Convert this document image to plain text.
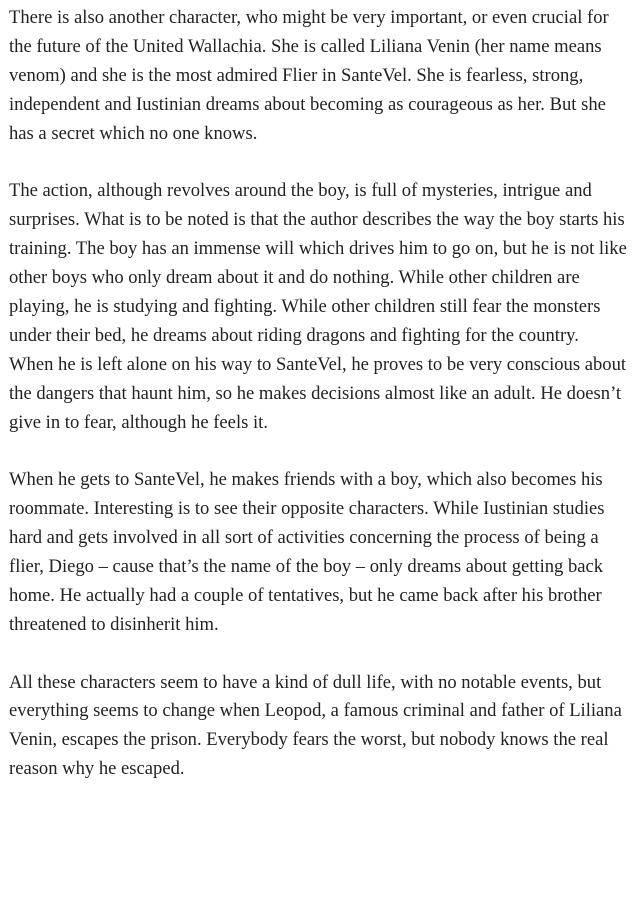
There is also another character, who might be very important, or even crucial for the future of the United Wallachia. She is called Liliana Venin (her name means venom) and she is the most admired Flier in SanteVel. She is fearless, strong, independent and Iustinian dreams about becoming as courageous as her. But she has a secret which no one knows.

The action, although revolves around the boy, is full of mysteries, intrigue and surprises. What is to be noted is that the author describes the way the boy starts his training. The boy has an immense will which drives him to go on, but he is not like other boys who only dream about it and do nothing. While other children are playing, he is studying and fighting. While other children still fear the monsters under their bed, he dreams about riding dragons and fighting for the country. When he is left alone on his way to SanteVel, he proves to be very conscious about the dangers that haunt him, so he makes decisions almost like an adult. He doesn’t give in to fear, although he feels it.

When he gets to SanteVel, he makes friends with a boy, which also becomes his roommate. Interesting is to see their opposite characters. While Iustinian studies hard and gets involved in all sort of activities concerning the process of being a flier, Diego – cause that’s the name of the boy – only dreams about getting back home. He actually had a couple of tentatives, but he came back after his brother threatened to disinherit him.

All these characters seem to have a kind of dull life, with no notable events, but everything seems to change when Leopod, a famous criminal and father of Liliana Venin, escapes the prison. Everybody fears the worst, but nobody knows the real reason why he escaped.
